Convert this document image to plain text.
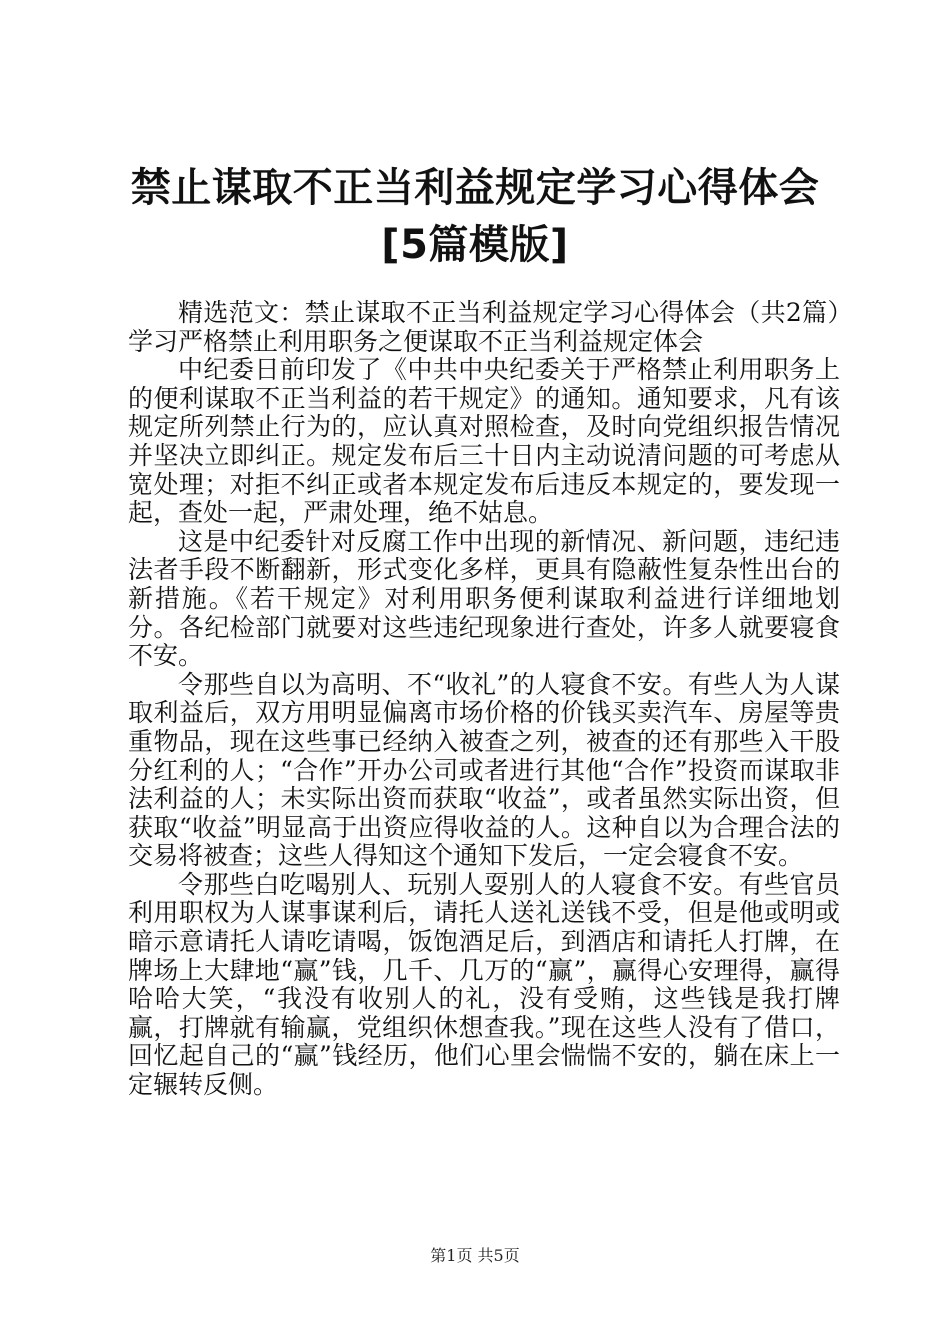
禁止谋取不正当利益规定学习心得体会[5篇模版]

精选范文：禁止谋取不正当利益规定学习心得体会（共2篇）学习严格禁止利用职务之便谋取不正当利益规定体会

中纪委日前印发了《中共中央纪委关于严格禁止利用职务上的便利谋取不正当利益的若干规定》的通知。通知要求，凡有该规定所列禁止行为的，应认真对照检查，及时向党组织报告情况并坚决立即纠正。规定发布后三十日内主动说清问题的可考虑从宽处理；对拒不纠正或者本规定发布后违反本规定的，要发现一起，查处一起，严肃处理，绝不姑息。

这是中纪委针对反腐工作中出现的新情况、新问题，违纪违法者手段不断翻新，形式变化多样，更具有隐蔽性复杂性出台的新措施。《若干规定》对利用职务便利谋取利益进行详细地划分。各纪检部门就要对这些违纪现象进行查处，许多人就要寝食不安。

令那些自以为高明、不“收礼”的人寝食不安。有些人为人谋取利益后，双方用明显偏离市场价格的价钱买卖汽车、房屋等贵重物品，现在这些事已经纳入被查之列，被查的还有那些入干股分红利的人；“合作”开办公司或者进行其他“合作”投资而谋取非法利益的人；未实际出资而获取“收益”，或者虽然实际出资，但获取“收益”明显高于出资应得收益的人。这种自以为合理合法的交易将被查；这些人得知这个通知下发后，一定会寝食不安。

令那些白吃喝别人、玩别人耍别人的人寝食不安。有些官员利用职权为人谋事谋利后，请托人送礼送钱不受，但是他或明或暗示意请托人请吃请喝，饭饱酒足后，到酒店和请托人打牌，在牌场上大肆地“赢”钱，几千、几万的“赢”，赢得心安理得，赢得哈哈大笑，“我没有收别人的礼，没有受贿，这些钱是我打牌赢，打牌就有输赢，党组织休想查我。”现在这些人没有了借口，回忆起自己的“赢”钱经历，他们心里会惴惴不安的，躺在床上一定辗转反侧。

第1页 共5页
